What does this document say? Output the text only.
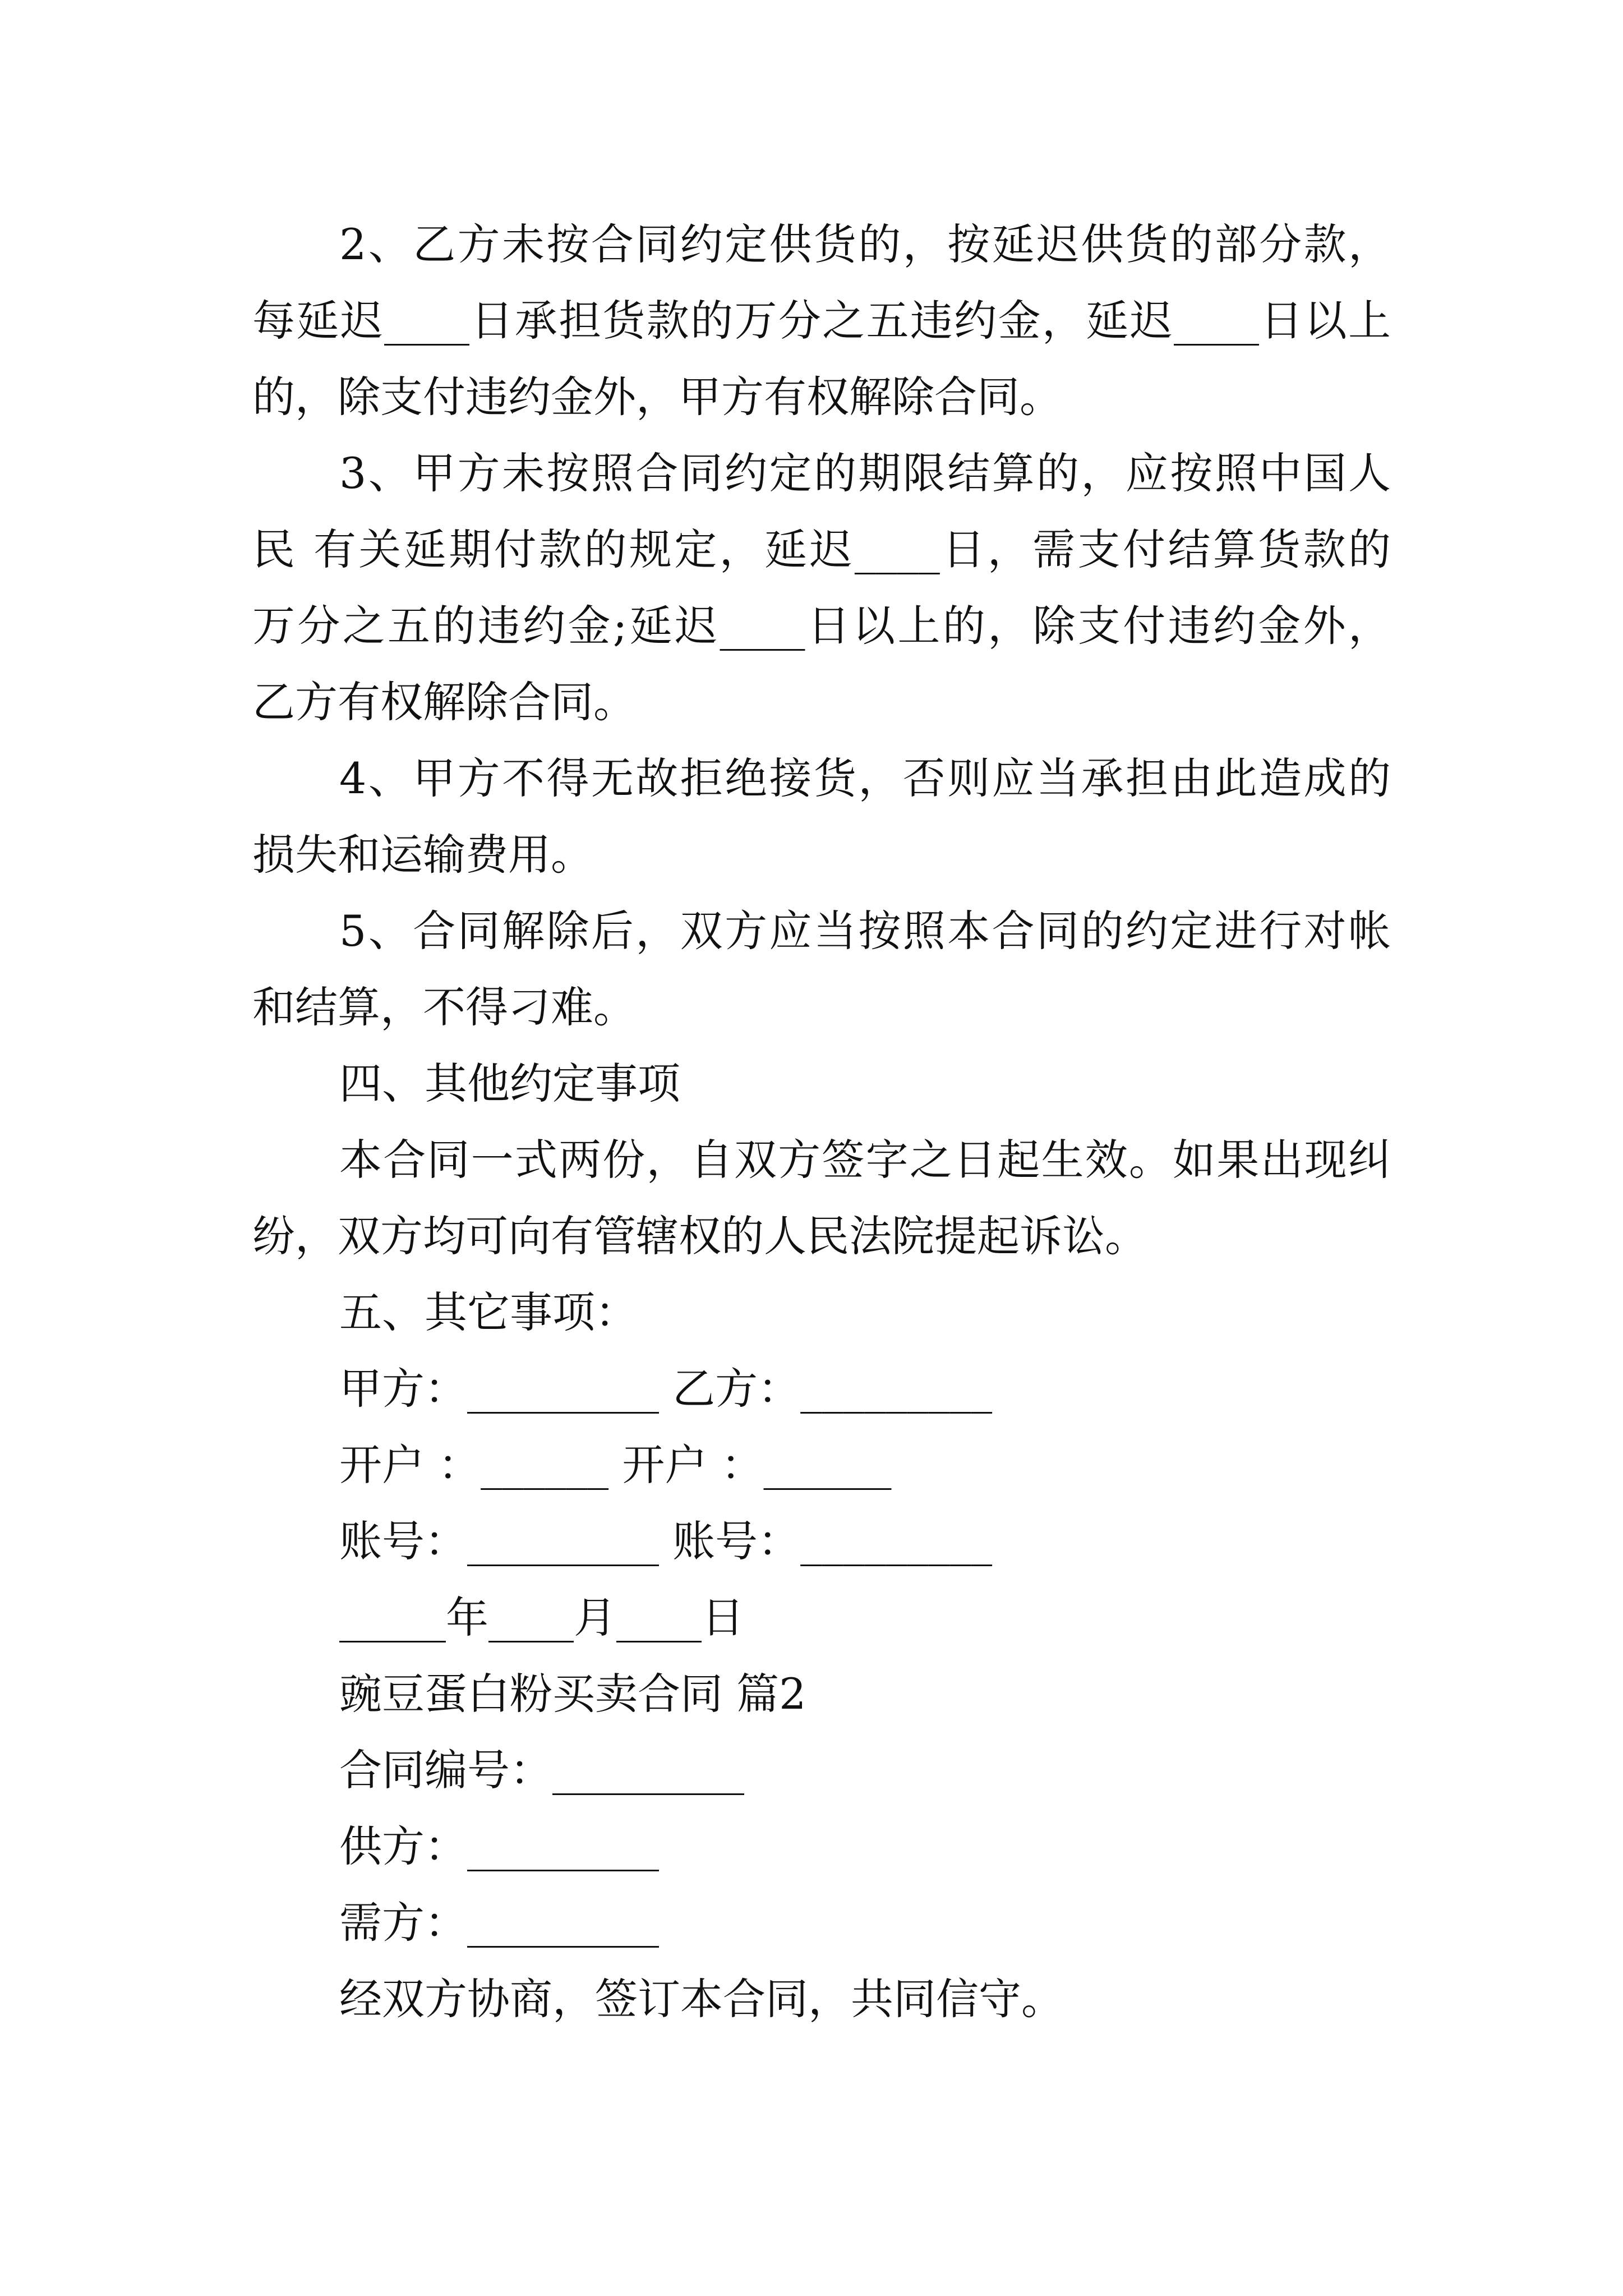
2、乙方未按合同约定供货的，按延迟供货的部分款，
每延迟____日承担货款的万分之五违约金，延迟____日以上
的，除支付违约金外，甲方有权解除合同。
3、甲方未按照合同约定的期限结算的，应按照中国人
民 有关延期付款的规定，延迟____日，需支付结算货款的
万分之五的违约金;延迟____日以上的，除支付违约金外，
乙方有权解除合同。
4、甲方不得无故拒绝接货，否则应当承担由此造成的
损失和运输费用。
5、合同解除后，双方应当按照本合同的约定进行对帐
和结算，不得刁难。
四、其他约定事项
本合同一式两份，自双方签字之日起生效。如果出现纠
纷，双方均可向有管辖权的人民法院提起诉讼。
五、其它事项：
甲方：_________ 乙方：_________
开户 ：______ 开户 ：______
账号：_________ 账号：_________
_____年____月____日
豌豆蛋白粉买卖合同 篇2
合同编号：_________
供方：_________
需方：_________
经双方协商，签订本合同，共同信守。
